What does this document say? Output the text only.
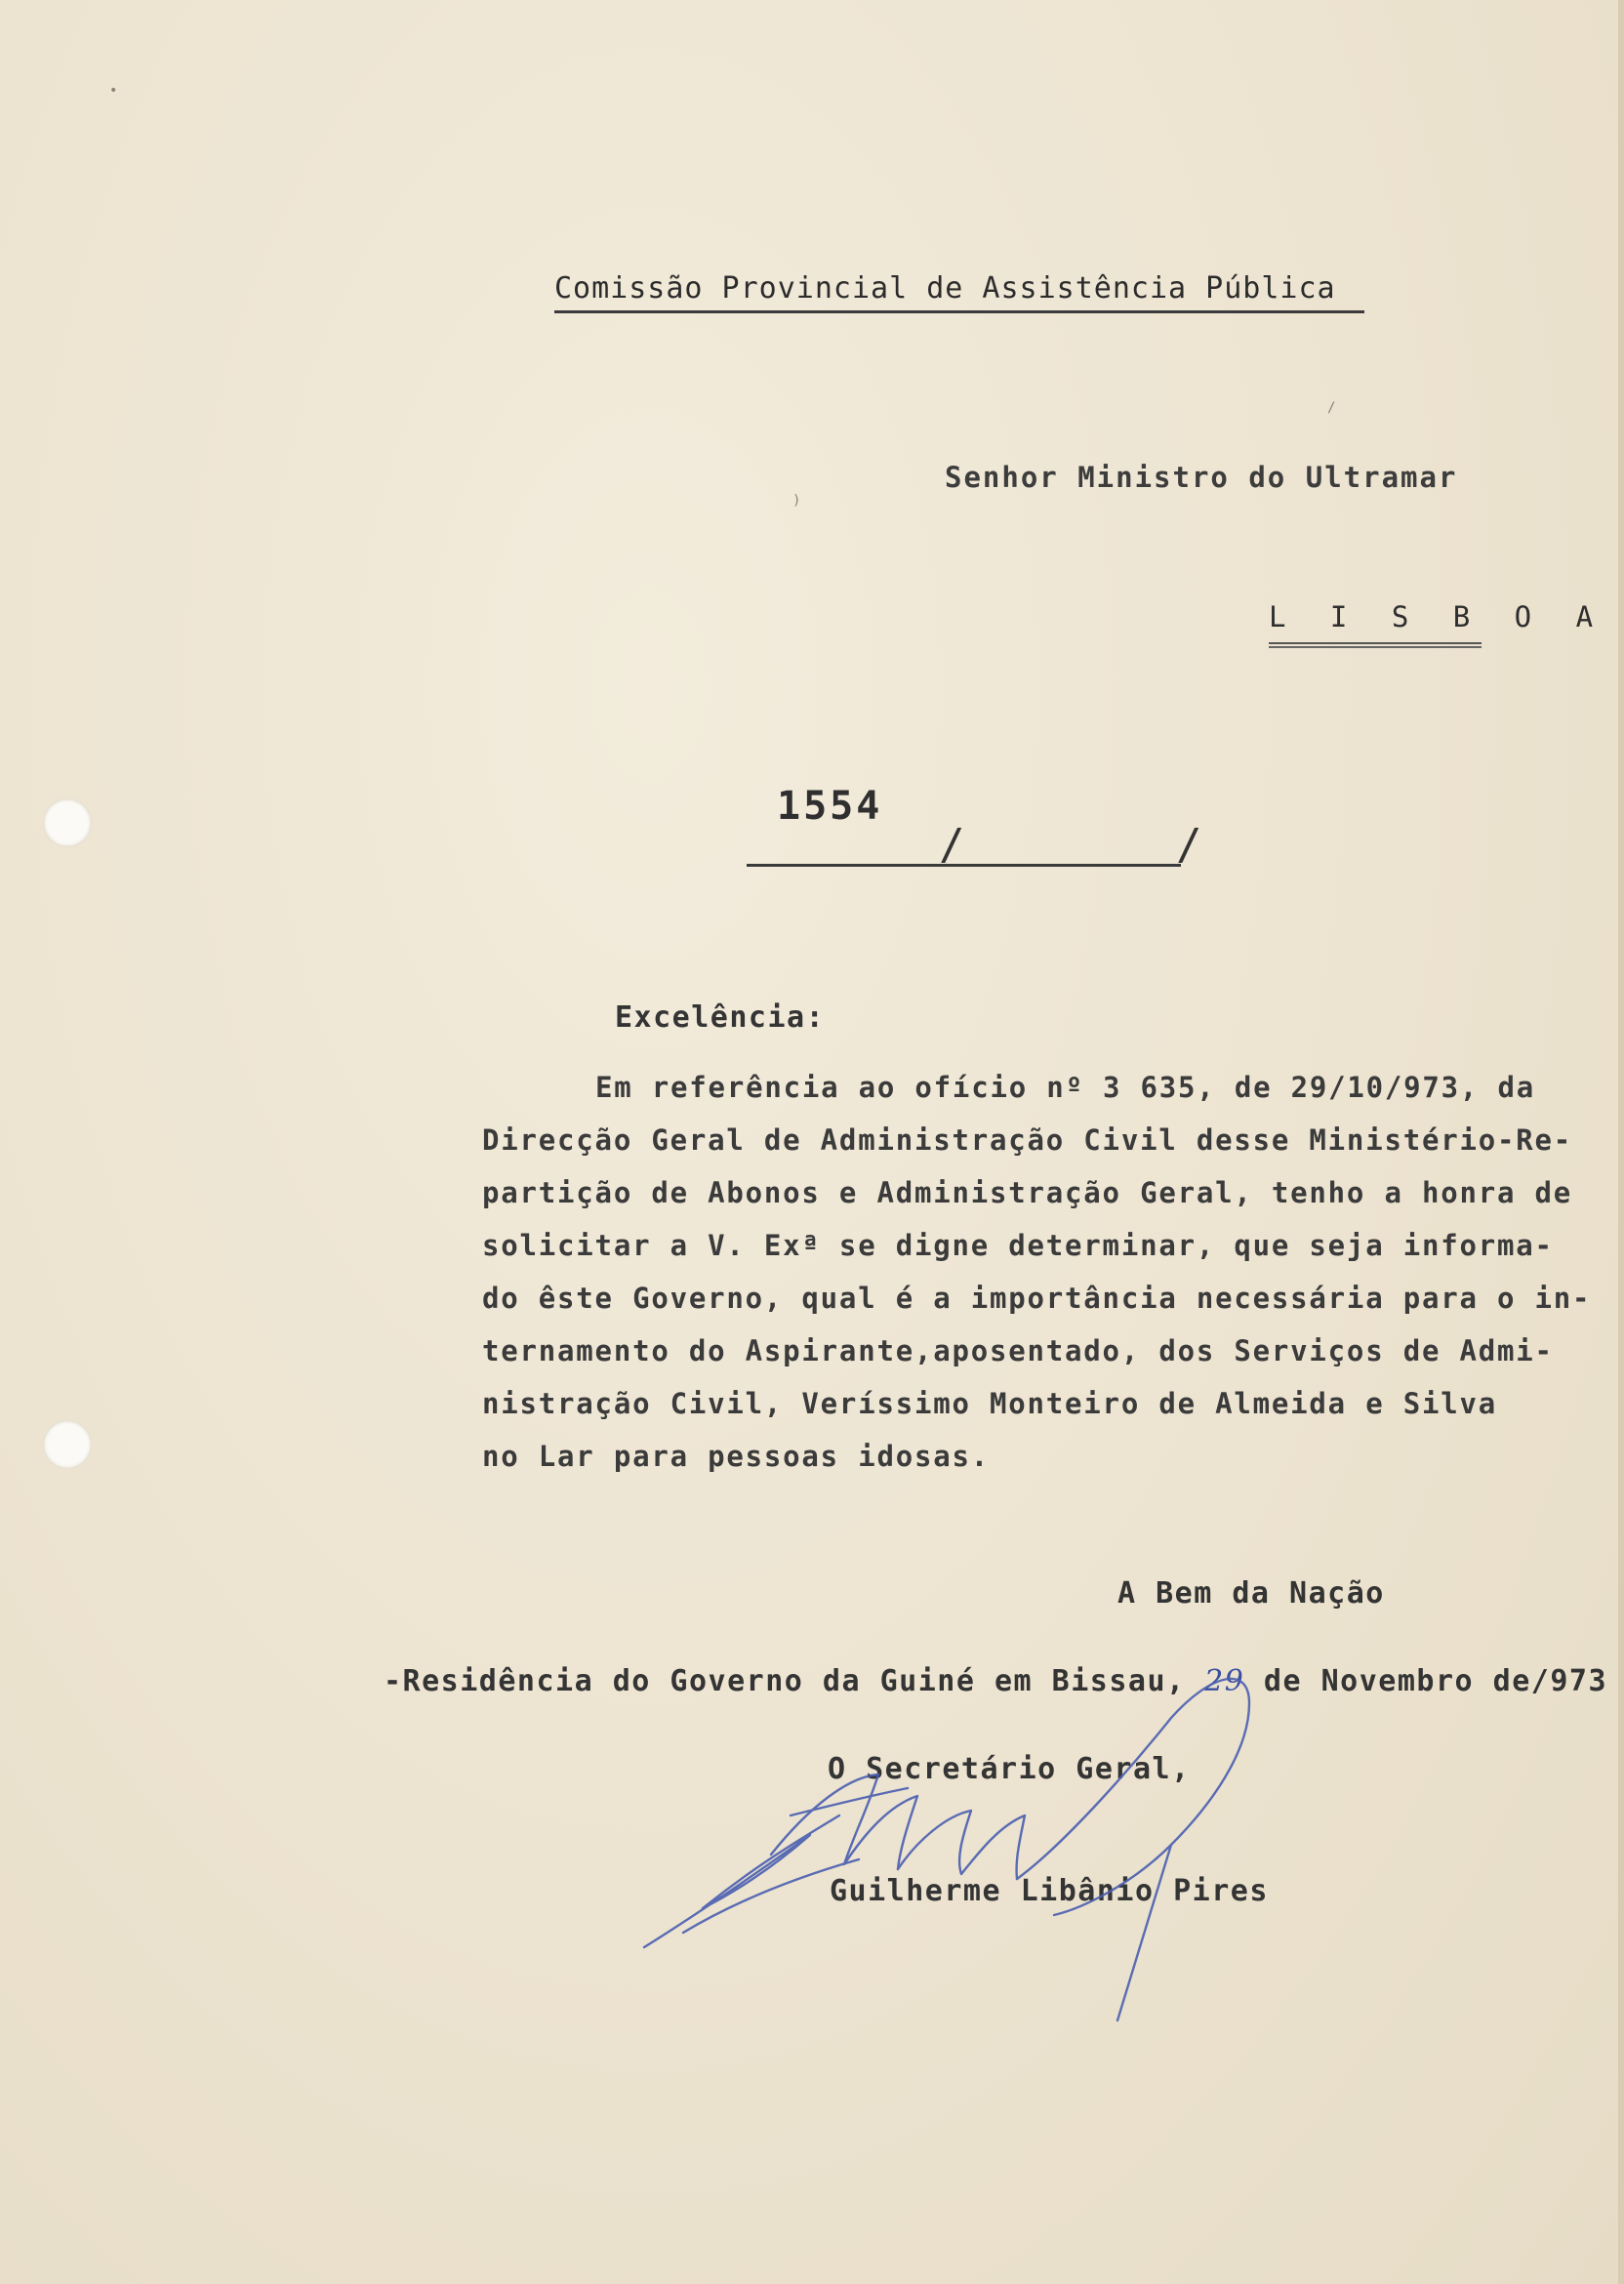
Comissão Provincial de Assistência Pública
Senhor Ministro do Ultramar
L I S B O A
1554
/	/
Excelência:
Em referência ao ofício nº 3 635, de 29/10/973, da
Direcção Geral de Administração Civil desse Ministério-Re-
partição de Abonos e Administração Geral, tenho a honra de
solicitar a V. Exª se digne determinar, que seja informa-
do êste Governo, qual é a importância necessária para o in-
ternamento do Aspirante,aposentado, dos Serviços de Admi-
nistração Civil, Veríssimo Monteiro de Almeida e Silva
no Lar para pessoas idosas.
A Bem da Nação
-Residência do Governo da Guiné em Bissau, 29 de Novembro de/973
O Secretário Geral,
Guilherme Libânio Pires
•
)
/
